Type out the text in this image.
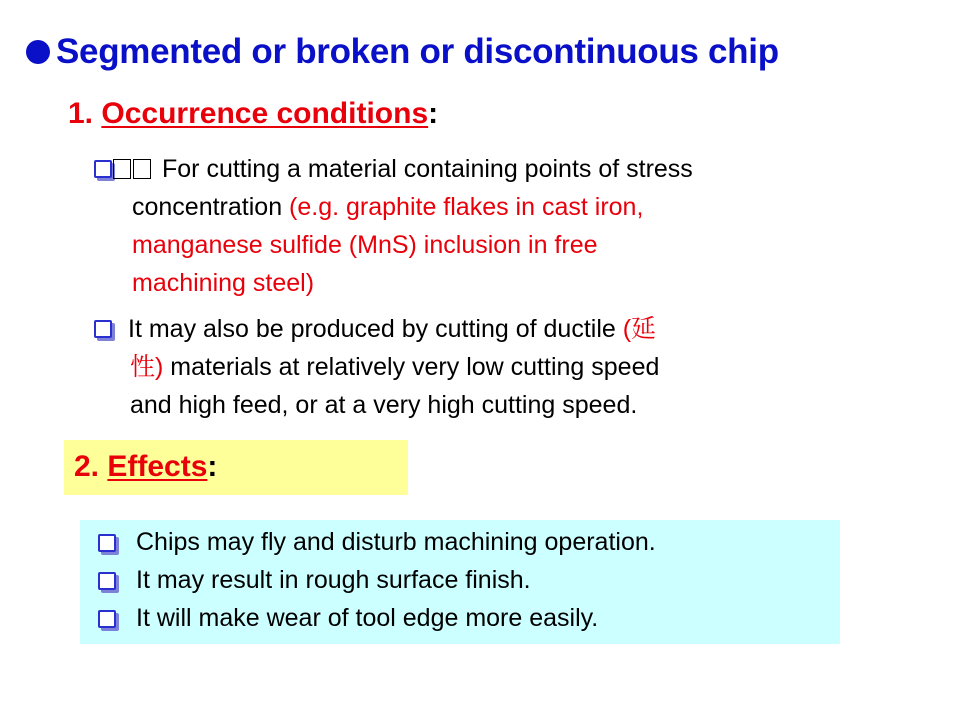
Segmented or broken or discontinuous chip
1. Occurrence conditions:
For cutting a material containing points of stress
concentration (e.g. graphite flakes in cast iron,
manganese sulfide (MnS) inclusion in free
machining steel)
It may also be produced by cutting of ductile (延
性) materials at relatively very low cutting speed
and high feed, or at a very high cutting speed.
2. Effects:
Chips may fly and disturb machining operation.
It may result in rough surface finish.
It will make wear of tool edge more easily.
